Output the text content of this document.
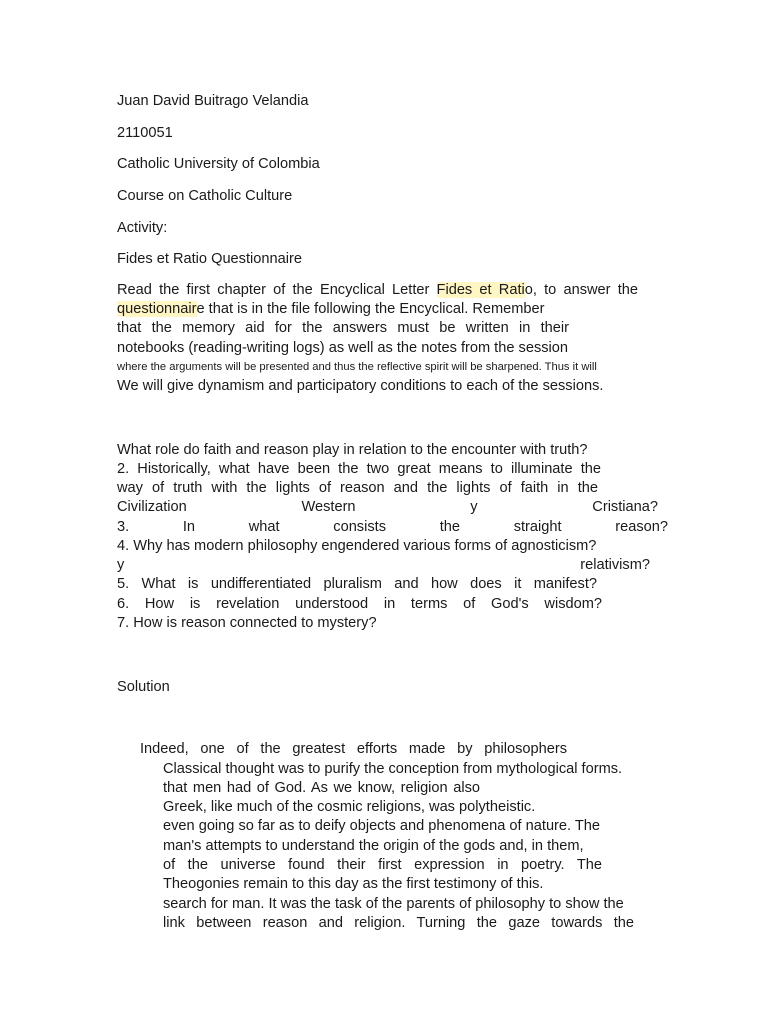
Juan David Buitrago Velandia
2110051
Catholic University of Colombia
Course on Catholic Culture
Activity:
Fides et Ratio Questionnaire
Read the first chapter of the Encyclical Letter Fides et Ratio, to answer the
questionnaire that is in the file following the Encyclical. Remember
that the memory aid for the answers must be written in their
notebooks (reading-writing logs) as well as the notes from the session
where the arguments will be presented and thus the reflective spirit will be sharpened. Thus it will
We will give dynamism and participatory conditions to each of the sessions.
What role do faith and reason play in relation to the encounter with truth?
2. Historically, what have been the two great means to illuminate the
way of truth with the lights of reason and the lights of faith in the
Civilization Western y Cristiana?
3. In what consists the straight reason?
4. Why has modern philosophy engendered various forms of agnosticism?
y relativism?
5. What is undifferentiated pluralism and how does it manifest?
6. How is revelation understood in terms of God's wisdom?
7. How is reason connected to mystery?
Solution
Indeed, one of the greatest efforts made by philosophers
Classical thought was to purify the conception from mythological forms.
that men had of God. As we know, religion also
Greek, like much of the cosmic religions, was polytheistic.
even going so far as to deify objects and phenomena of nature. The
man's attempts to understand the origin of the gods and, in them,
of the universe found their first expression in poetry. The
Theogonies remain to this day as the first testimony of this.
search for man. It was the task of the parents of philosophy to show the
link between reason and religion. Turning the gaze towards the
